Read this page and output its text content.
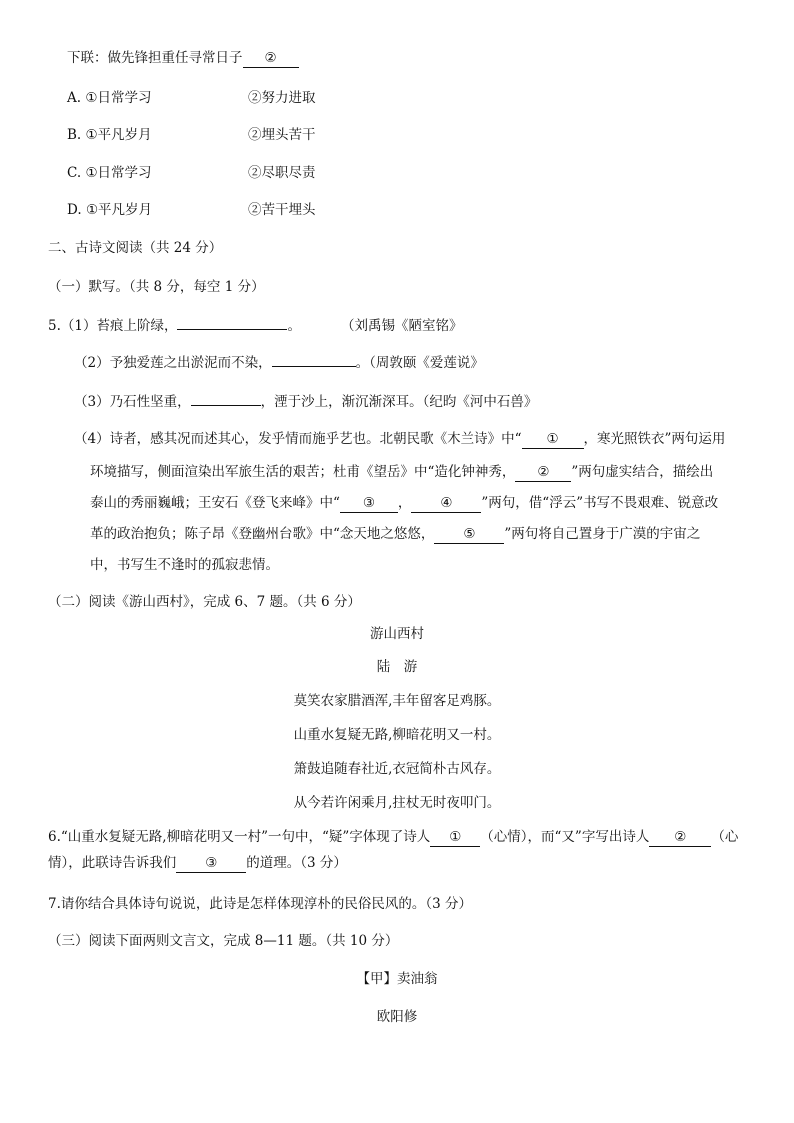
下联：做先锋担重任寻常日子 ②
A. ①日常学习	②努力进取
B. ①平凡岁月	②埋头苦干
C. ①日常学习	②尽职尽责
D. ①平凡岁月	②苦干埋头
二、古诗文阅读（共 24 分）
（一）默写。（共 8 分，每空 1 分）
5.（1）苔痕上阶绿，	。	（刘禹锡《陋室铭》
（2）予独爱莲之出淤泥而不染，	。（周敦颐《爱莲说》
（3）乃石性坚重，	，湮于沙上，渐沉渐深耳。（纪昀《河中石兽》
（4）诗者，感其况而述其心，发乎情而施乎艺也。北朝民歌《木兰诗》中“ ① ，寒光照铁衣”两句运用
环境描写，侧面渲染出军旅生活的艰苦；杜甫《望岳》中“造化钟神秀， ② ”两句虚实结合，描绘出
泰山的秀丽巍峨；王安石《登飞来峰》中“ ③ ， ④ ”两句，借“浮云”书写不畏艰难、锐意改
革的政治抱负；陈子昂《登幽州台歌》中“念天地之悠悠， ⑤ ”两句将自己置身于广漠的宇宙之
中，书写生不逢时的孤寂悲情。
（二）阅读《游山西村》，完成 6、7 题。（共 6 分）
游山西村
陆　游
莫笑农家腊酒浑,丰年留客足鸡豚。
山重水复疑无路,柳暗花明又一村。
箫鼓追随春社近,衣冠简朴古风存。
从今若许闲乘月,拄杖无时夜叩门。
6.“山重水复疑无路,柳暗花明又一村”一句中，“疑”字体现了诗人 ① （心情），而“又”字写出诗人 ② （心
情），此联诗告诉我们 ③ 的道理。（3 分）
7.请你结合具体诗句说说，此诗是怎样体现淳朴的民俗民风的。（3 分）
（三）阅读下面两则文言文，完成 8—11 题。（共 10 分）
【甲】卖油翁
欧阳修
